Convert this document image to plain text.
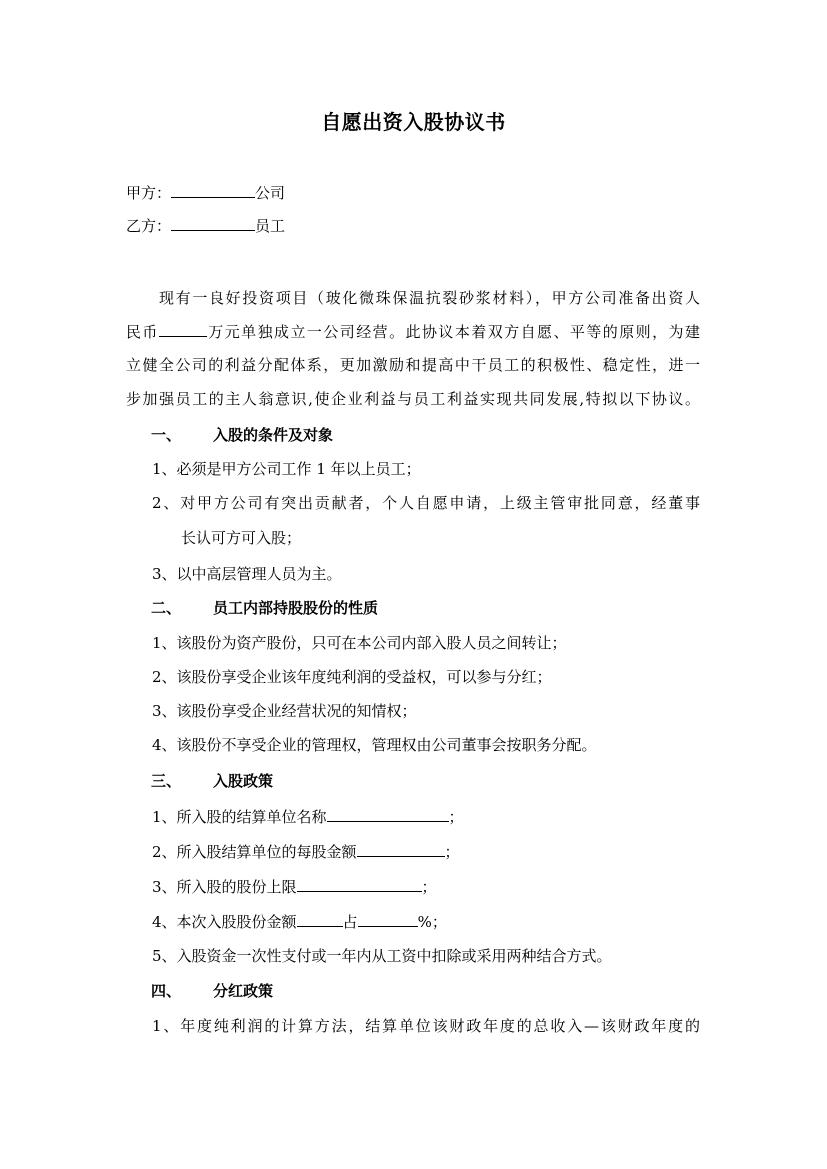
自愿出资入股协议书
甲方：	公司
乙方：	员工
现有一良好投资项目（玻化微珠保温抗裂砂浆材料），甲方公司准备出资人
民币	万元单独成立一公司经营。此协议本着双方自愿、平等的原则，为建
立健全公司的利益分配体系，更加激励和提高中干员工的积极性、稳定性，进一
步加强员工的主人翁意识,使企业利益与员工利益实现共同发展,特拟以下协议。
一、 入股的条件及对象
1、必须是甲方公司工作 1 年以上员工；
2、对甲方公司有突出贡献者，个人自愿申请，上级主管审批同意，经董事
长认可方可入股；
3、以中高层管理人员为主。
二、 员工内部持股股份的性质
1、该股份为资产股份，只可在本公司内部入股人员之间转让；
2、该股份享受企业该年度纯利润的受益权，可以参与分红；
3、该股份享受企业经营状况的知情权；
4、该股份不享受企业的管理权，管理权由公司董事会按职务分配。
三、 入股政策
1、所入股的结算单位名称	；
2、所入股结算单位的每股金额	；
3、所入股的股份上限	；
4、本次入股股份金额	占	%；
5、入股资金一次性支付或一年内从工资中扣除或采用两种结合方式。
四、 分红政策
1、年度纯利润的计算方法，结算单位该财政年度的总收入—该财政年度的
